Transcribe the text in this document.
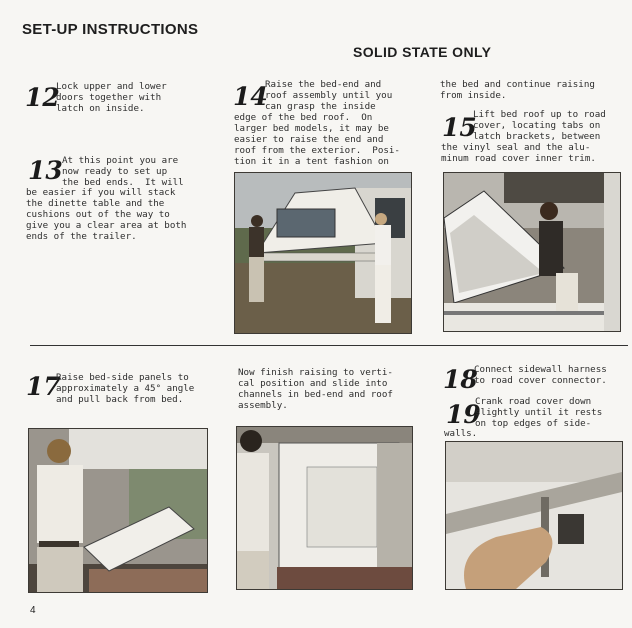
SET-UP INSTRUCTIONS
SOLID STATE ONLY
12
Lock upper and lower
doors together with
latch on inside.
13 At this point you are
now ready to set up
the bed ends.  It will
be easier if you will stack
the dinette table and the
cushions out of the way to
give you a clear area at both
ends of the trailer.
14
Raise the bed-end and
roof assembly until you
can grasp the inside
edge of the bed roof.  On
larger bed models, it may be
easier to raise the end and
roof from the exterior.  Posi-
tion it in a tent fashion on
the bed and continue raising
from inside.
15
Lift bed roof up to road
cover, locating tabs on
latch brackets, between
the vinyl seal and the alu-
minum road cover inner trim.
17
Raise bed-side panels to
approximately a 45° angle
and pull back from bed.
Now finish raising to verti-
cal position and slide into
channels in bed-end and roof
assembly.
18
Connect sidewall harness
to road cover connector.
19
Crank road cover down
slightly until it rests
on top edges of side-
walls.
4
